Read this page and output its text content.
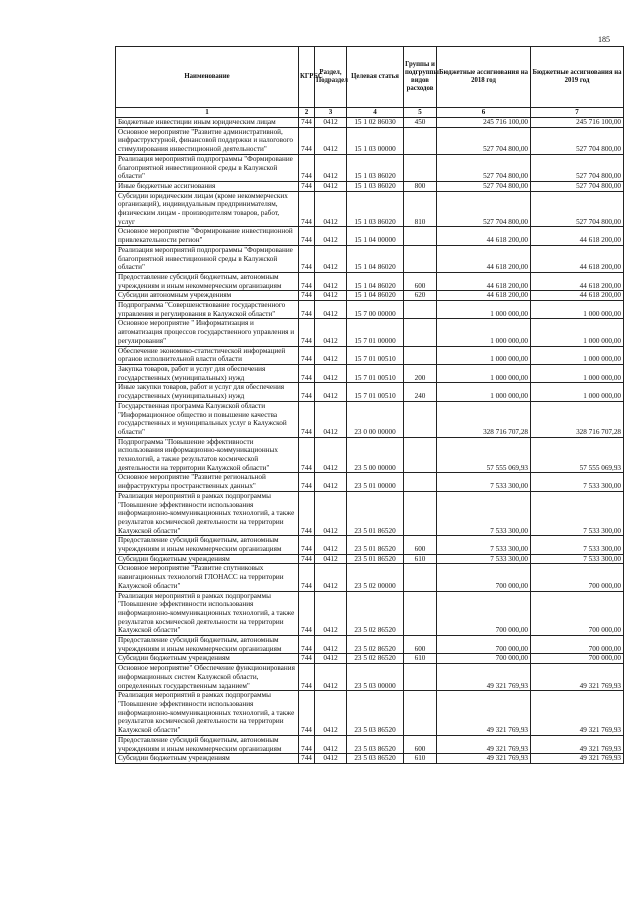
185
Наименование	КГРБС	Раздел, Подраздел	Целевая статья	Группы и подгруппы видов расходов	Бюджетные ассигнования на 2018 год	Бюджетные ассигнования на 2019 год
1	2	3	4	5	6	7
Бюджетные инвестиции иным юридическим лицам	744	0412	15 1 02 86030	450	245 716 100,00	245 716 100,00
Основное мероприятие "Развитие административной, инфраструктурной, финансовой поддержки и налогового стимулирования инвестиционной деятельности"	744	0412	15 1 03 00000		527 704 800,00	527 704 800,00
Реализация мероприятий подпрограммы "Формирование благоприятной инвестиционной среды в Калужской области"	744	0412	15 1 03 86020		527 704 800,00	527 704 800,00
Иные бюджетные ассигнования	744	0412	15 1 03 86020	800	527 704 800,00	527 704 800,00
Субсидии юридическим лицам (кроме некоммерческих организаций), индивидуальным предпринимателям, физическим лицам - производителям товаров, работ, услуг	744	0412	15 1 03 86020	810	527 704 800,00	527 704 800,00
Основное мероприятие "Формирование инвестиционной привлекательности регион"	744	0412	15 1 04 00000		44 618 200,00	44 618 200,00
Реализация мероприятий подпрограммы "Формирование благоприятной инвестиционной среды в Калужской области"	744	0412	15 1 04 86020		44 618 200,00	44 618 200,00
Предоставление субсидий бюджетным, автономным учреждениям и иным некоммерческим организациям	744	0412	15 1 04 86020	600	44 618 200,00	44 618 200,00
Субсидии автономным учреждениям	744	0412	15 1 04 86020	620	44 618 200,00	44 618 200,00
Подпрограмма "Совершенствование государственного управления и регулирования в Калужской области"	744	0412	15 7 00 00000		1 000 000,00	1 000 000,00
Основное мероприятие " Информатизация и автоматизация процессов государственного управления и регулирования"	744	0412	15 7 01 00000		1 000 000,00	1 000 000,00
Обеспечение экономико-статистической информацией органов исполнительной власти области	744	0412	15 7 01 00510		1 000 000,00	1 000 000,00
Закупка товаров, работ и услуг для обеспечения государственных (муниципальных) нужд	744	0412	15 7 01 00510	200	1 000 000,00	1 000 000,00
Иные закупки товаров, работ и услуг для обеспечения государственных (муниципальных) нужд	744	0412	15 7 01 00510	240	1 000 000,00	1 000 000,00
Государственная программа Калужской области "Информационное общество и повышение качества государственных и муниципальных услуг в Калужской области"	744	0412	23 0 00 00000		328 716 707,28	328 716 707,28
Подпрограмма "Повышение эффективности использования информационно-коммуникационных технологий, а также результатов космической деятельности на территории Калужской области"	744	0412	23 5 00 00000		57 555 069,93	57 555 069,93
Основное мероприятие "Развитие региональной инфраструктуры пространственных данных"	744	0412	23 5 01 00000		7 533 300,00	7 533 300,00
Реализация мероприятий в рамках подпрограммы "Повышение эффективности использования информационно-коммуникационных технологий, а также результатов космической деятельности на территории Калужской области"	744	0412	23 5 01 86520		7 533 300,00	7 533 300,00
Предоставление субсидий бюджетным, автономным учреждениям и иным некоммерческим организациям	744	0412	23 5 01 86520	600	7 533 300,00	7 533 300,00
Субсидии бюджетным учреждениям	744	0412	23 5 01 86520	610	7 533 300,00	7 533 300,00
Основное мероприятие "Развитие спутниковых навигационных технологий ГЛОНАСС на территории Калужской области"	744	0412	23 5 02 00000		700 000,00	700 000,00
Реализация мероприятий в рамках подпрограммы "Повышение эффективности использования информационно-коммуникационных технологий, а также результатов космической деятельности на территории Калужской области"	744	0412	23 5 02 86520		700 000,00	700 000,00
Предоставление субсидий бюджетным, автономным учреждениям и иным некоммерческим организациям	744	0412	23 5 02 86520	600	700 000,00	700 000,00
Субсидии бюджетным учреждениям	744	0412	23 5 02 86520	610	700 000,00	700 000,00
Основное мероприятие" Обеспечение функционирования информационных систем Калужской области, определенных государственным заданием"	744	0412	23 5 03 00000		49 321 769,93	49 321 769,93
Реализация мероприятий в рамках подпрограммы "Повышение эффективности использования информационно-коммуникационных технологий, а также результатов космической деятельности на территории Калужской области"	744	0412	23 5 03 86520		49 321 769,93	49 321 769,93
Предоставление субсидий бюджетным, автономным учреждениям и иным некоммерческим организациям	744	0412	23 5 03 86520	600	49 321 769,93	49 321 769,93
Субсидии бюджетным учреждениям	744	0412	23 5 03 86520	610	49 321 769,93	49 321 769,93
